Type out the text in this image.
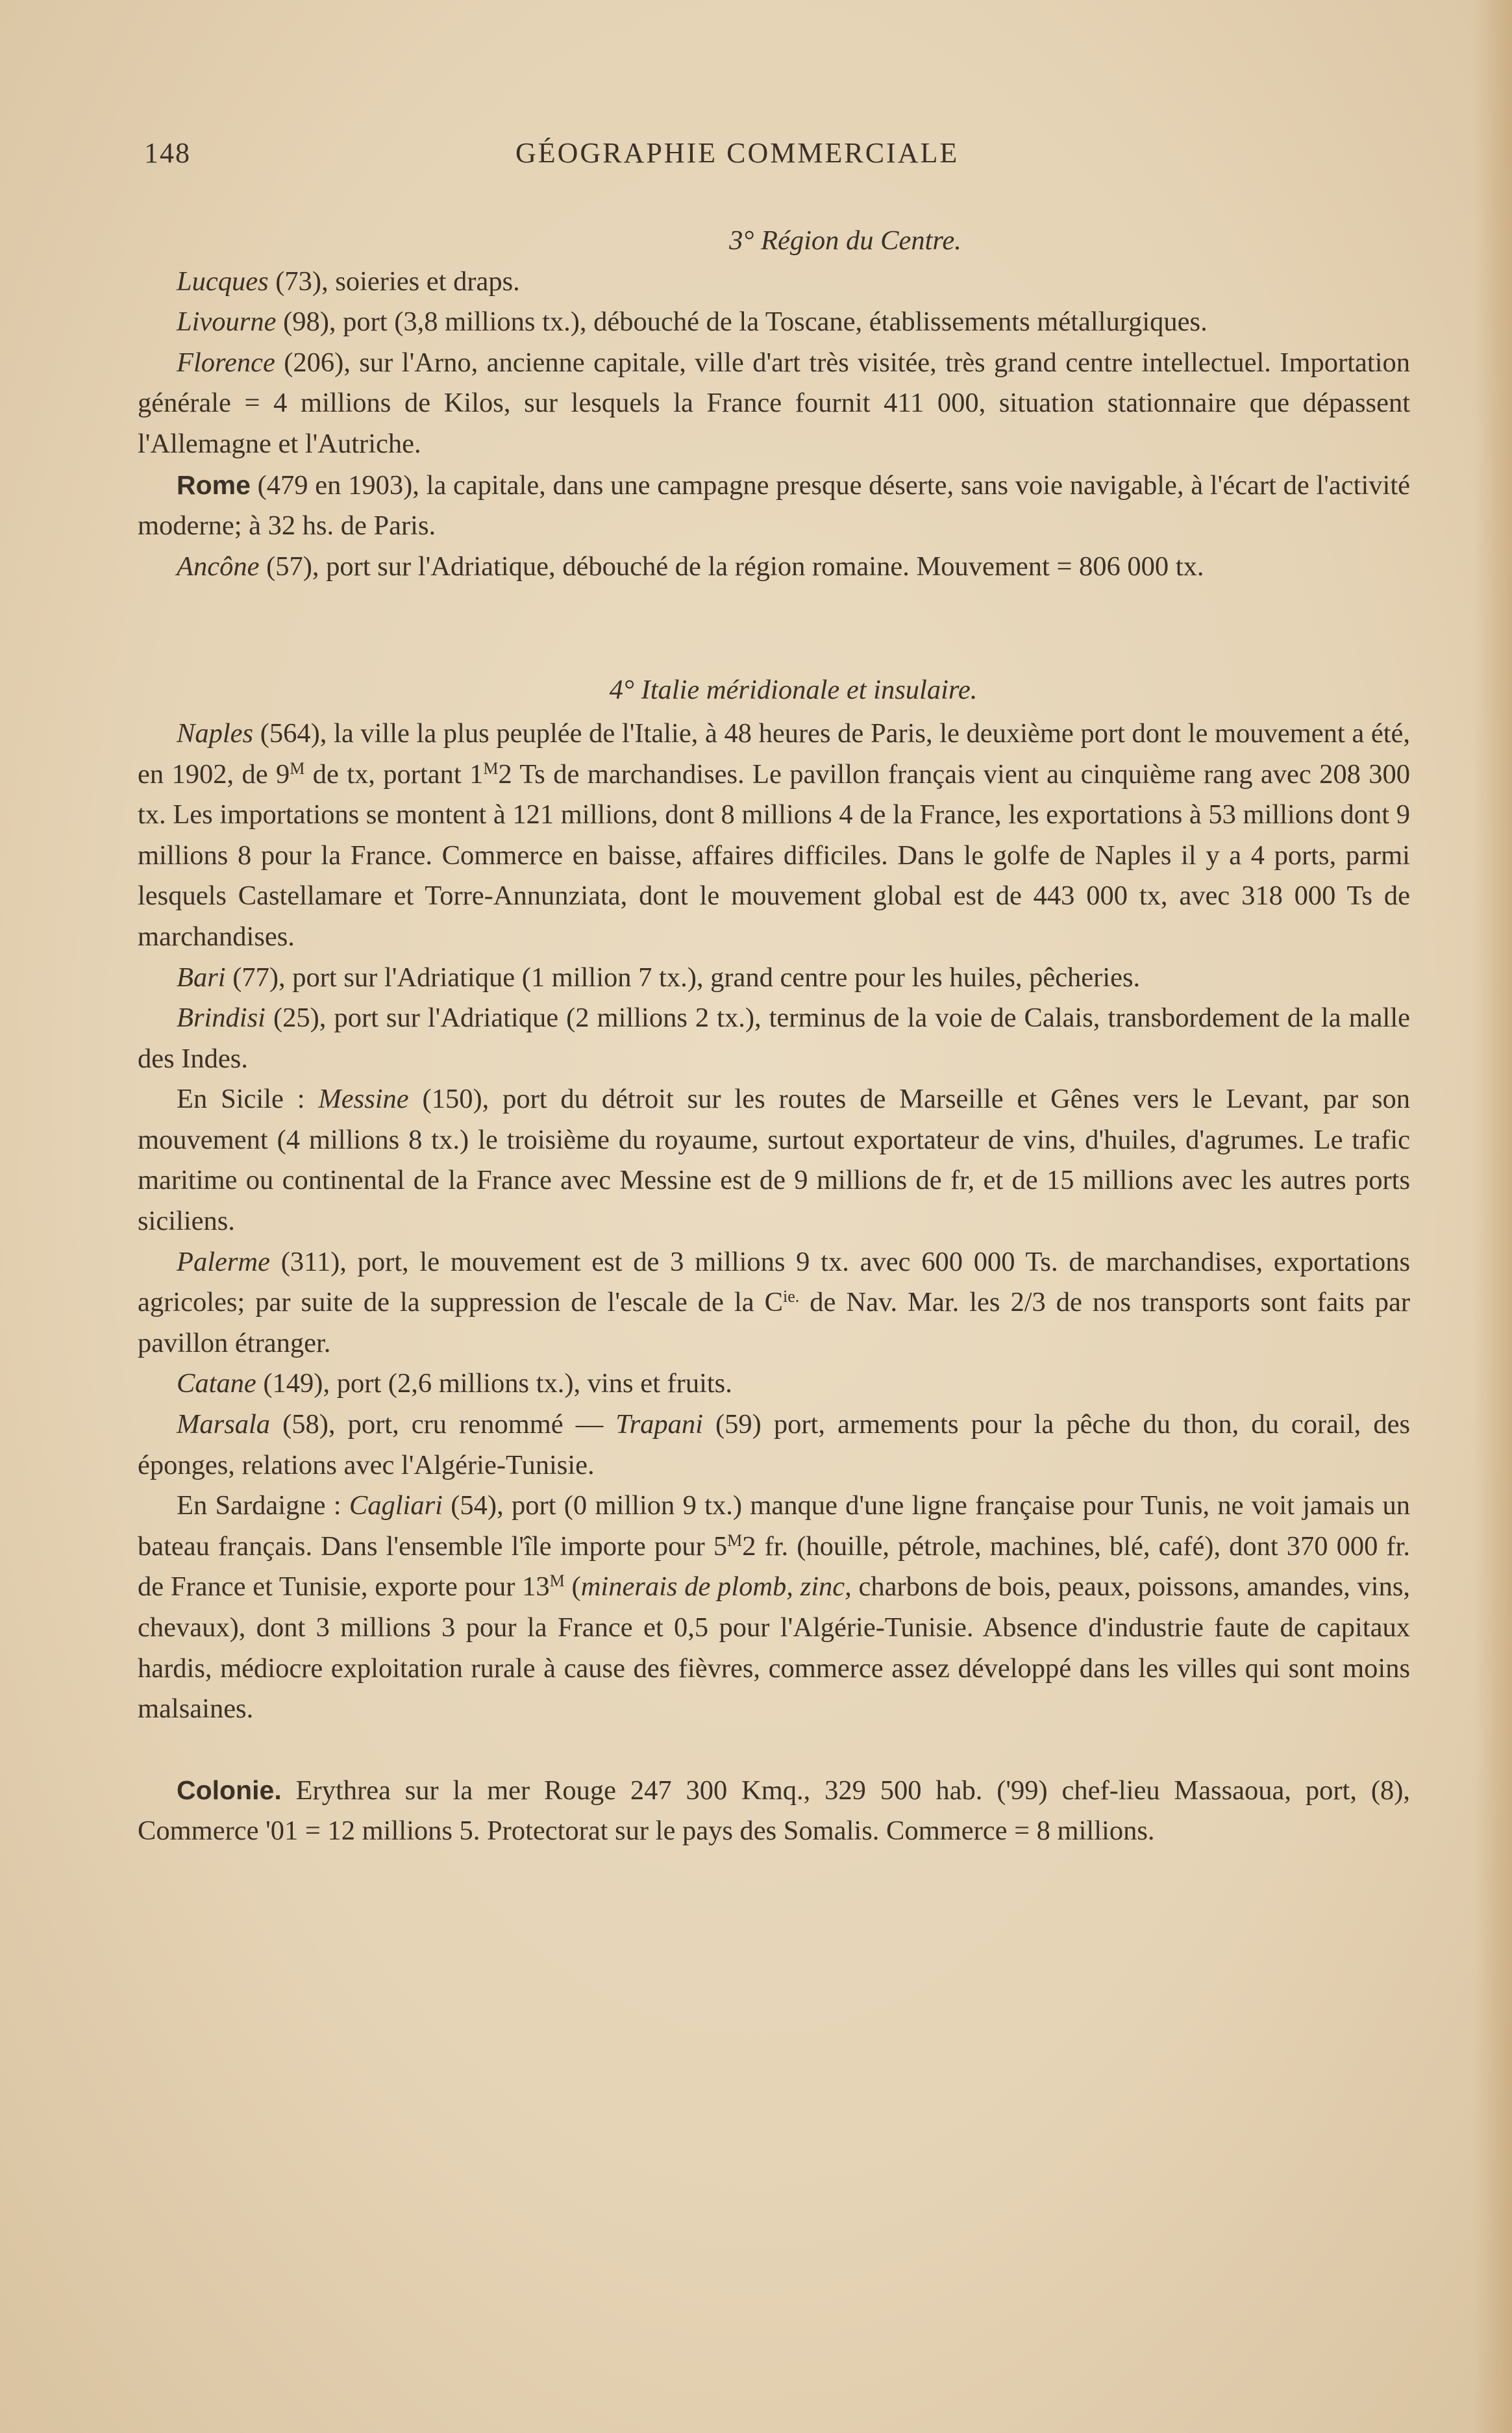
148	GÉOGRAPHIE COMMERCIALE
3° Région du Centre.

Lucques (73), soieries et draps.

Livourne (98), port (3,8 millions tx.), débouché de la Toscane, établissements métallurgiques.

Florence (206), sur l'Arno, ancienne capitale, ville d'art très visitée, très grand centre intellectuel. Importation générale = 4 millions de Kilos, sur lesquels la France fournit 411 000, situation stationnaire que dépassent l'Allemagne et l'Autriche.

Rome (479 en 1903), la capitale, dans une campagne presque déserte, sans voie navigable, à l'écart de l'activité moderne; à 32 hs. de Paris.

Ancône (57), port sur l'Adriatique, débouché de la région romaine. Mouvement = 806 000 tx.

4° Italie méridionale et insulaire.

Naples (564), la ville la plus peuplée de l'Italie, à 48 heures de Paris, le deuxième port dont le mouvement a été, en 1902, de $9^M$ de tx, portant $1^M2$ Ts de marchandises. Le pavillon français vient au cinquième rang avec 208 300 tx. Les importations se montent à 121 millions, dont 8 millions 4 de la France, les exportations à 53 millions dont 9 millions 8 pour la France. Commerce en baisse, affaires difficiles. Dans le golfe de Naples il y a 4 ports, parmi lesquels Castellamare et Torre-Annunziata, dont le mouvement global est de 443 000 tx, avec 318 000 Ts de marchandises.

Bari (77), port sur l'Adriatique (1 million 7 tx.), grand centre pour les huiles, pêcheries.

Brindisi (25), port sur l'Adriatique (2 millions 2 tx.), terminus de la voie de Calais, transbordement de la malle des Indes.

En Sicile : Messine (150), port du détroit sur les routes de Marseille et Gênes vers le Levant, par son mouvement (4 millions 8 tx.) le troisième du royaume, surtout exportateur de vins, d'huiles, d'agrumes. Le trafic maritime ou continental de la France avec Messine est de 9 millions de fr, et de 15 millions avec les autres ports siciliens.

Palerme (311), port, le mouvement est de 3 millions 9 tx. avec 600 000 Ts. de marchandises, exportations agricoles; par suite de la suppression de l'escale de la $C^{ie.}$ de Nav. Mar. les 2/3 de nos transports sont faits par pavillon étranger.

Catane (149), port (2,6 millions tx.), vins et fruits.

Marsala (58), port, cru renommé — Trapani (59) port, armements pour la pêche du thon, du corail, des éponges, relations avec l'Algérie-Tunisie.

En Sardaigne : Cagliari (54), port (0 million 9 tx.) manque d'une ligne française pour Tunis, ne voit jamais un bateau français. Dans l'ensemble l'île importe pour $5^M2$ fr. (houille, pétrole, machines, blé, café), dont 370 000 fr. de France et Tunisie, exporte pour $13^M$ (minerais de plomb, zinc, charbons de bois, peaux, poissons, amandes, vins, chevaux), dont 3 millions 3 pour la France et 0,5 pour l'Algérie-Tunisie. Absence d'industrie faute de capitaux hardis, médiocre exploitation rurale à cause des fièvres, commerce assez développé dans les villes qui sont moins malsaines.

Colonie. Erythrea sur la mer Rouge 247 300 Kmq., 329 500 hab. ('99) chef-lieu Massaoua, port, (8), Commerce '01 = 12 millions 5. Protectorat sur le pays des Somalis. Commerce = 8 millions.
